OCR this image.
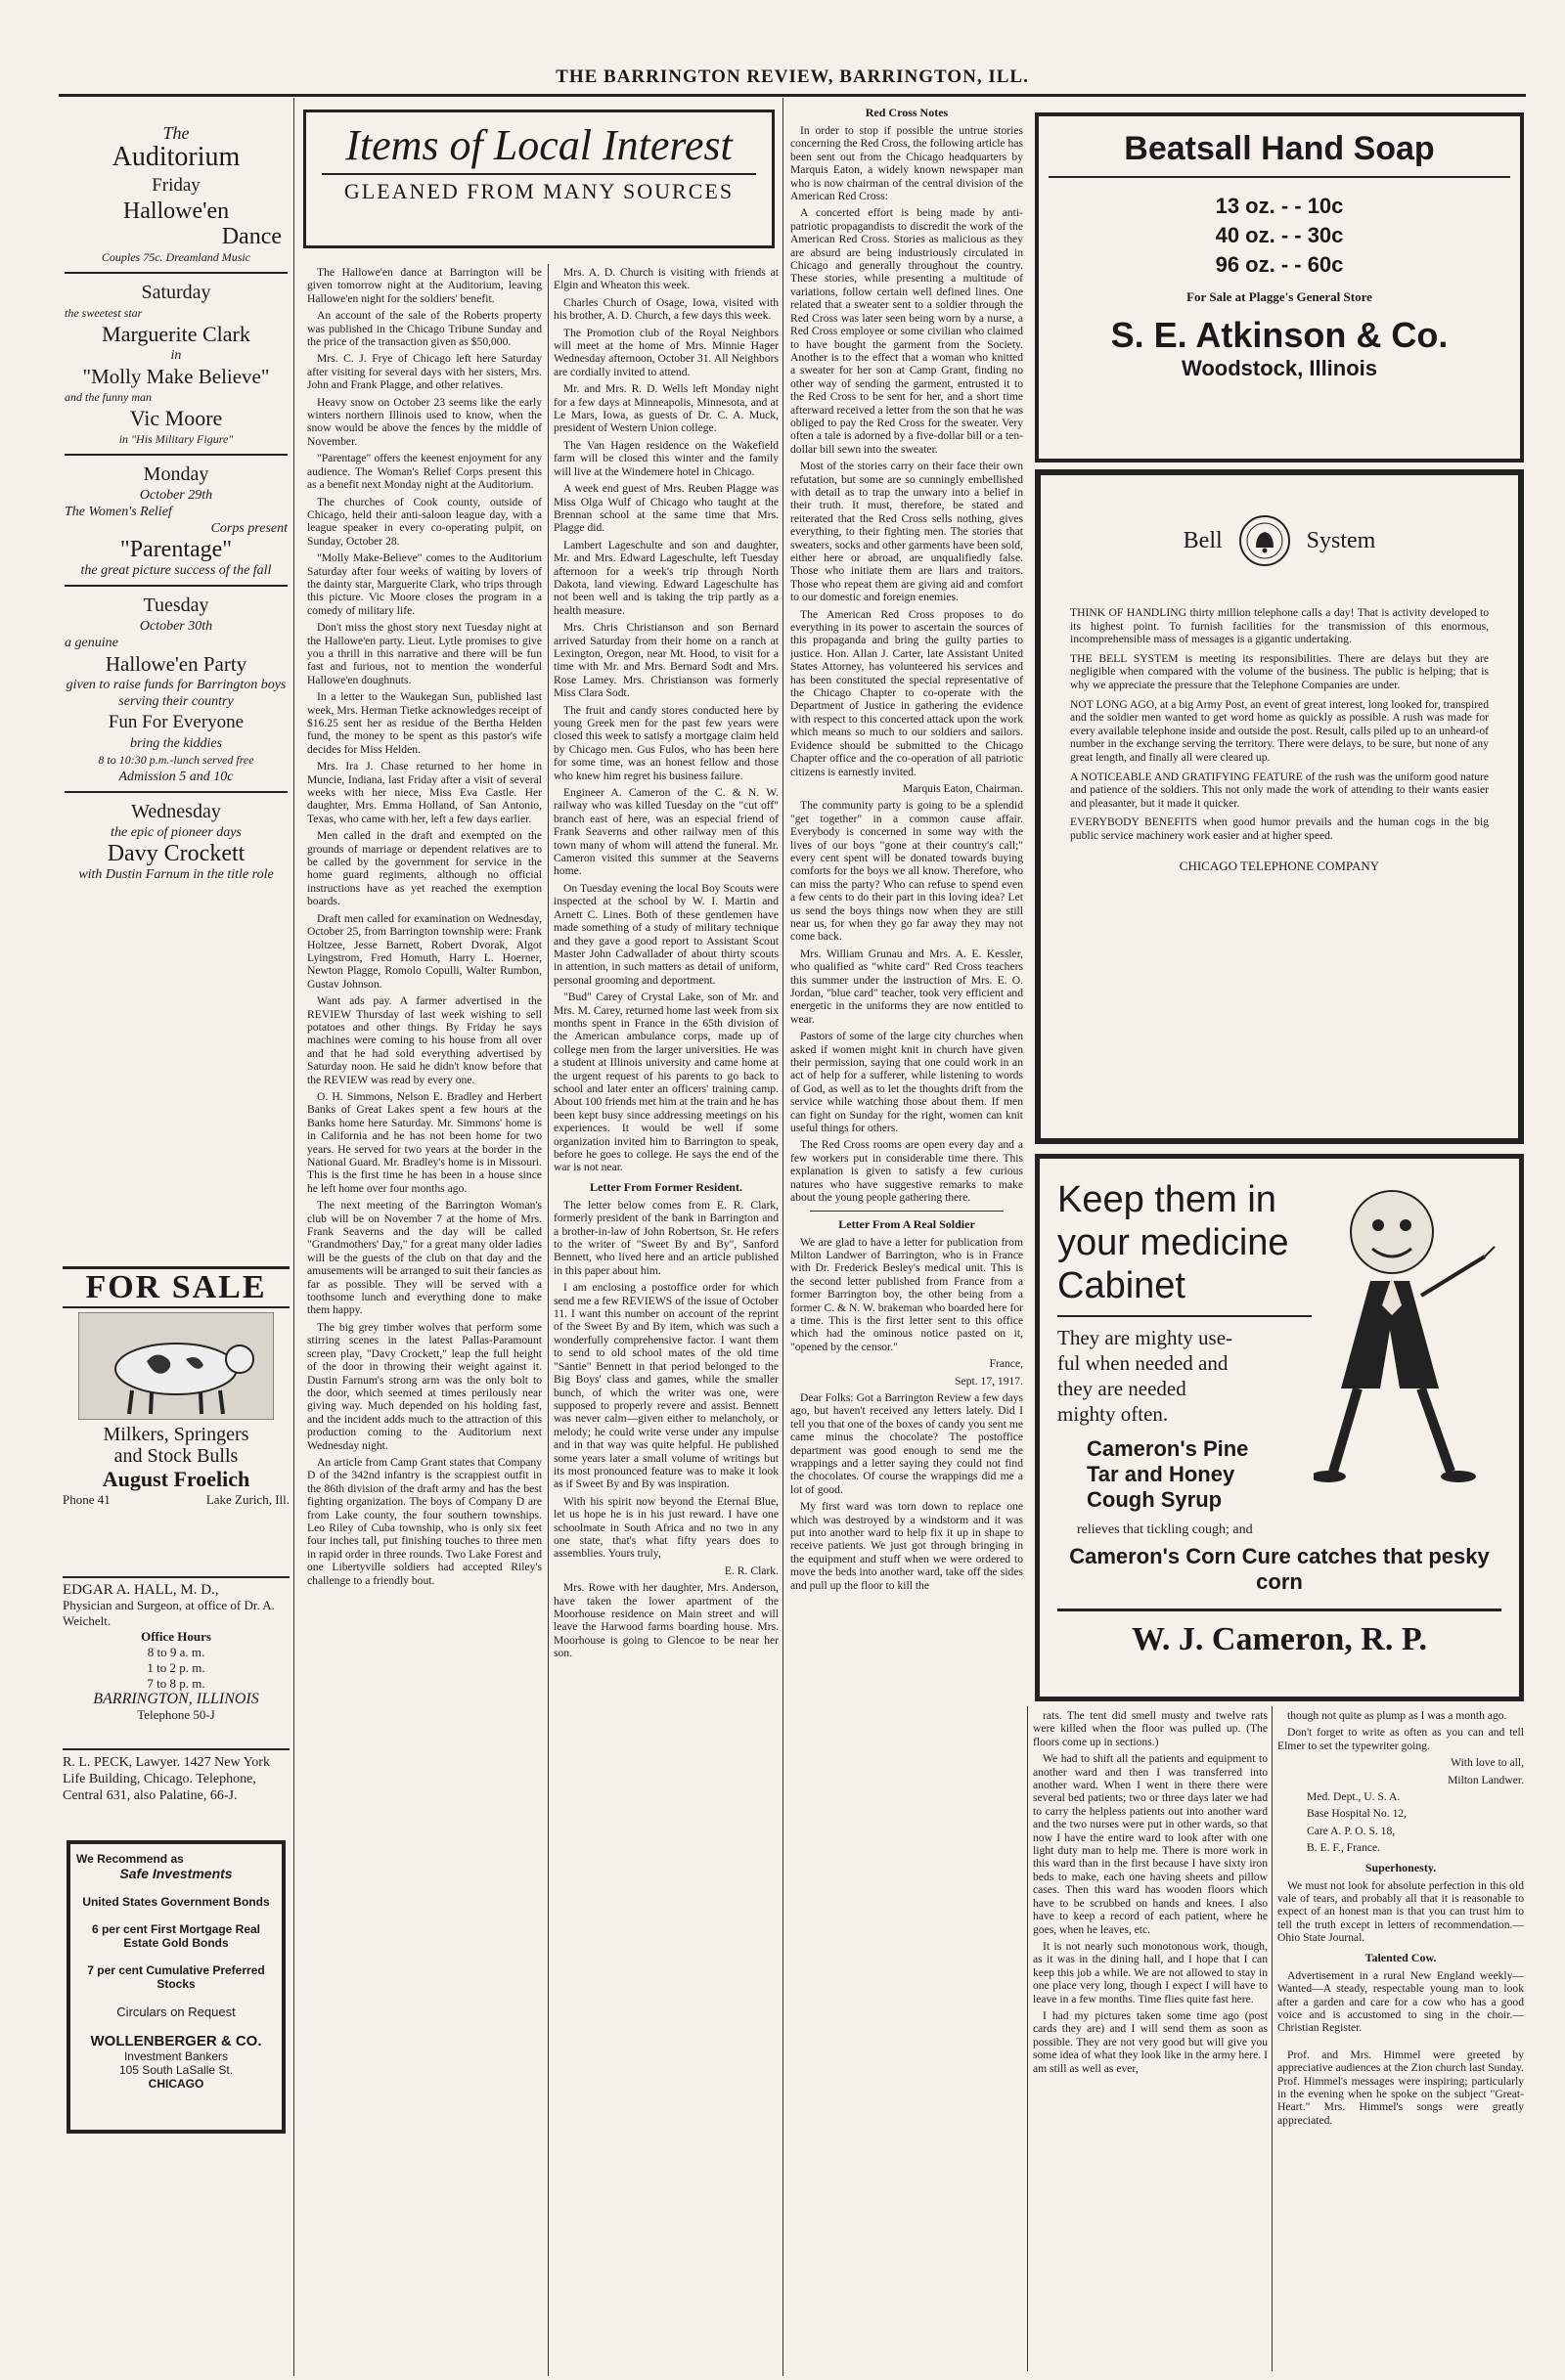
THE BARRINGTON REVIEW, BARRINGTON, ILL.
The
Auditorium
Friday
Hallowe'en
Dance
Couples 75c. Dreamland Music
Saturday
the sweetest star
Marguerite Clark
in
"Molly Make Believe"
and the funny man
Vic Moore
in "His Military Figure"
Monday
October 29th
The Women's Relief
Corps present
"Parentage"
the great picture success of the fall
Tuesday
October 30th
a genuine
Hallowe'en Party
given to raise funds for Barrington boys serving their country
Fun For Everyone
bring the kiddies
8 to 10:30 p.m.-lunch served free
Admission 5 and 10c
Wednesday
the epic of pioneer days
Davy Crockett
with Dustin Farnum in the title role
FOR SALE
Milkers, Springers
and Stock Bulls
August Froelich
Phone 41	Lake Zurich, Ill.
EDGAR A. HALL, M. D.,
Physician and Surgeon, at office of Dr. A. Weichelt.
Office Hours
8 to 9 a. m.
1 to 2 p. m.
7 to 8 p. m.
BARRINGTON, ILLINOIS
Telephone 50-J
R. L. PECK, Lawyer. 1427 New York Life Building, Chicago. Telephone, Central 631, also Palatine, 66-J.
We Recommend as
Safe Investments
United States Government Bonds
6 per cent First Mortgage Real Estate Gold Bonds
7 per cent Cumulative Preferred Stocks
Circulars on Request
WOLLENBERGER & CO.
Investment Bankers
105 South LaSalle St.
CHICAGO
Items of Local Interest
GLEANED FROM MANY SOURCES

The Hallowe'en dance at Barrington will be given tomorrow night at the Auditorium, leaving Hallowe'en night for the soldiers' benefit.

An account of the sale of the Roberts property was published in the Chicago Tribune Sunday and the price of the transaction given as $50,000.

Mrs. C. J. Frye of Chicago left here Saturday after visiting for several days with her sisters, Mrs. John and Frank Plagge, and other relatives.

Heavy snow on October 23 seems like the early winters northern Illinois used to know, when the snow would be above the fences by the middle of November.

"Parentage" offers the keenest enjoyment for any audience. The Woman's Relief Corps present this as a benefit next Monday night at the Auditorium.

The churches of Cook county, outside of Chicago, held their anti-saloon league day, with a league speaker in every co-operating pulpit, on Sunday, October 28.

"Molly Make-Believe" comes to the Auditorium Saturday after four weeks of waiting by lovers of the dainty star, Marguerite Clark, who trips through this picture. Vic Moore closes the program in a comedy of military life.

Don't miss the ghost story next Tuesday night at the Hallowe'en party. Lieut. Lytle promises to give you a thrill in this narrative and there will be fun fast and furious, not to mention the wonderful Hallowe'en doughnuts.

In a letter to the Waukegan Sun, published last week, Mrs. Herman Tietke acknowledges receipt of $16.25 sent her as residue of the Bertha Helden fund, the money to be spent as this pastor's wife decides for Miss Helden.

Mrs. Ira J. Chase returned to her home in Muncie, Indiana, last Friday after a visit of several weeks with her niece, Miss Eva Castle. Her daughter, Mrs. Emma Holland, of San Antonio, Texas, who came with her, left a few days earlier.

Men called in the draft and exempted on the grounds of marriage or dependent relatives are to be called by the government for service in the home guard regiments, although no official instructions have as yet reached the exemption boards.

Draft men called for examination on Wednesday, October 25, from Barrington township were: Frank Holtzee, Jesse Barnett, Robert Dvorak, Algot Lyingstrom, Fred Homuth, Harry L. Hoerner, Newton Plagge, Romolo Copulli, Walter Rumbon, Gustav Johnson.

Want ads pay. A farmer advertised in the REVIEW Thursday of last week wishing to sell potatoes and other things. By Friday he says machines were coming to his house from all over and that he had sold everything advertised by Saturday noon. He said he didn't know before that the REVIEW was read by every one.

O. H. Simmons, Nelson E. Bradley and Herbert Banks of Great Lakes spent a few hours at the Banks home here Saturday. Mr. Simmons' home is in California and he has not been home for two years. He served for two years at the border in the National Guard. Mr. Bradley's home is in Missouri. This is the first time he has been in a house since he left home over four months ago.

The next meeting of the Barrington Woman's club will be on November 7 at the home of Mrs. Frank Seaverns and the day will be called "Grandmothers' Day," for a great many older ladies will be the guests of the club on that day and the amusements will be arranged to suit their fancies as far as possible. They will be served with a toothsome lunch and everything done to make them happy.

The big grey timber wolves that perform some stirring scenes in the latest Pallas-Paramount screen play, "Davy Crockett," leap the full height of the door in throwing their weight against it. Dustin Farnum's strong arm was the only bolt to the door, which seemed at times perilously near giving way. Much depended on his holding fast, and the incident adds much to the attraction of this production coming to the Auditorium next Wednesday night.

An article from Camp Grant states that Company D of the 342nd infantry is the scrappiest outfit in the 86th division of the draft army and has the best fighting organization. The boys of Company D are from Lake county, the four southern townships. Leo Riley of Cuba township, who is only six feet four inches tall, put finishing touches to three men in rapid order in three rounds. Two Lake Forest and one Libertyville soldiers had accepted Riley's challenge to a friendly bout.

Mrs. A. D. Church is visiting with friends at Elgin and Wheaton this week.

Charles Church of Osage, Iowa, visited with his brother, A. D. Church, a few days this week.

The Promotion club of the Royal Neighbors will meet at the home of Mrs. Minnie Hager Wednesday afternoon, October 31. All Neighbors are cordially invited to attend.

Mr. and Mrs. R. D. Wells left Monday night for a few days at Minneapolis, Minnesota, and at Le Mars, Iowa, as guests of Dr. C. A. Muck, president of Western Union college.

The Van Hagen residence on the Wakefield farm will be closed this winter and the family will live at the Windemere hotel in Chicago.

A week end guest of Mrs. Reuben Plagge was Miss Olga Wulf of Chicago who taught at the Brennan school at the same time that Mrs. Plagge did.

Lambert Lageschulte and son and daughter, Mr. and Mrs. Edward Lageschulte, left Tuesday afternoon for a week's trip through North Dakota, land viewing. Edward Lageschulte has not been well and is taking the trip partly as a health measure.

Mrs. Chris Christianson and son Bernard arrived Saturday from their home on a ranch at Lexington, Oregon, near Mt. Hood, to visit for a time with Mr. and Mrs. Bernard Sodt and Mrs. Rose Lamey. Mrs. Christianson was formerly Miss Clara Sodt.

The fruit and candy stores conducted here by young Greek men for the past few years were closed this week to satisfy a mortgage claim held by Chicago men. Gus Fulos, who has been here for some time, was an honest fellow and those who knew him regret his business failure.

Engineer A. Cameron of the C. & N. W. railway who was killed Tuesday on the "cut off" branch east of here, was an especial friend of Frank Seaverns and other railway men of this town many of whom will attend the funeral. Mr. Cameron visited this summer at the Seaverns home.

On Tuesday evening the local Boy Scouts were inspected at the school by W. I. Martin and Arnett C. Lines. Both of these gentlemen have made something of a study of military technique and they gave a good report to Assistant Scout Master John Cadwallader of about thirty scouts in attention, in such matters as detail of uniform, personal grooming and deportment.

"Bud" Carey of Crystal Lake, son of Mr. and Mrs. M. Carey, returned home last week from six months spent in France in the 65th division of the American ambulance corps, made up of college men from the larger universities. He was a student at Illinois university and came home at the urgent request of his parents to go back to school and later enter an officers' training camp. About 100 friends met him at the train and he has been kept busy since addressing meetings on his experiences. It would be well if some organization invited him to Barrington to speak, before he goes to college. He says the end of the war is not near.

Letter From Former Resident.

The letter below comes from E. R. Clark, formerly president of the bank in Barrington and a brother-in-law of John Robertson, Sr. He refers to the writer of "Sweet By and By", Sanford Bennett, who lived here and an article published in this paper about him.

I am enclosing a postoffice order for which send me a few REVIEWS of the issue of October 11. I want this number on account of the reprint of the Sweet By and By item, which was such a wonderfully comprehensive factor. I want them to send to old school mates of the old time "Santie" Bennett in that period belonged to the Big Boys' class and games, while the smaller bunch, of which the writer was one, were supposed to properly revere and assist. Bennett was never calm—given either to melancholy, or melody; he could write verse under any impulse and in that way was quite helpful. He published some years later a small volume of writings but its most pronounced feature was to make it look as if Sweet By and By was inspiration.

With his spirit now beyond the Eternal Blue, let us hope he is in his just reward. I have one schoolmate in South Africa and no two in any one state, that's what fifty years does to assemblies. Yours truly,

E. R. Clark.

Mrs. Rowe with her daughter, Mrs. Anderson, have taken the lower apartment of the Moorhouse residence on Main street and will leave the Harwood farms boarding house. Mrs. Moorhouse is going to Glencoe to be near her son.

Red Cross Notes

In order to stop if possible the untrue stories concerning the Red Cross, the following article has been sent out from the Chicago headquarters by Marquis Eaton, a widely known newspaper man who is now chairman of the central division of the American Red Cross:

A concerted effort is being made by anti-patriotic propagandists to discredit the work of the American Red Cross. Stories as malicious as they are absurd are being industriously circulated in Chicago and generally throughout the country. These stories, while presenting a multitude of variations, follow certain well defined lines. One related that a sweater sent to a soldier through the Red Cross was later seen being worn by a nurse, a Red Cross employee or some civilian who claimed to have bought the garment from the Society. Another is to the effect that a woman who knitted a sweater for her son at Camp Grant, finding no other way of sending the garment, entrusted it to the Red Cross to be sent for her, and a short time afterward received a letter from the son that he was obliged to pay the Red Cross for the sweater. Very often a tale is adorned by a five-dollar bill or a ten-dollar bill sewn into the sweater.

Most of the stories carry on their face their own refutation, but some are so cunningly embellished with detail as to trap the unwary into a belief in their truth. It must, therefore, be stated and reiterated that the Red Cross sells nothing, gives everything, to their fighting men. The stories that sweaters, socks and other garments have been sold, either here or abroad, are unqualifiedly false. Those who initiate them are liars and traitors. Those who repeat them are giving aid and comfort to our domestic and foreign enemies.

The American Red Cross proposes to do everything in its power to ascertain the sources of this propaganda and bring the guilty parties to justice. Hon. Allan J. Carter, late Assistant United States Attorney, has volunteered his services and has been constituted the special representative of the Chicago Chapter to co-operate with the Department of Justice in gathering the evidence with respect to this concerted attack upon the work which means so much to our soldiers and sailors. Evidence should be submitted to the Chicago Chapter office and the co-operation of all patriotic citizens is earnestly invited.

Marquis Eaton, Chairman.

The community party is going to be a splendid "get together" in a common cause affair. Everybody is concerned in some way with the lives of our boys "gone at their country's call;" every cent spent will be donated towards buying comforts for the boys we all know. Therefore, who can miss the party? Who can refuse to spend even a few cents to do their part in this loving idea? Let us send the boys things now when they are still near us, for when they go far away they may not come back.

Mrs. William Grunau and Mrs. A. E. Kessler, who qualified as "white card" Red Cross teachers this summer under the instruction of Mrs. E. O. Jordan, "blue card" teacher, took very efficient and energetic in the uniforms they are now entitled to wear.

Pastors of some of the large city churches when asked if women might knit in church have given their permission, saying that one could work in an act of help for a sufferer, while listening to words of God, as well as to let the thoughts drift from the service while watching those about them. If men can fight on Sunday for the right, women can knit useful things for others.

The Red Cross rooms are open every day and a few workers put in considerable time there. This explanation is given to satisfy a few curious natures who have suggestive remarks to make about the young people gathering there.

Letter From A Real Soldier

We are glad to have a letter for publication from Milton Landwer of Barrington, who is in France with Dr. Frederick Besley's medical unit. This is the second letter published from France from a former Barrington boy, the other being from a former C. & N. W. brakeman who boarded here for a time. This is the first letter sent to this office which had the ominous notice pasted on it, "opened by the censor."

France,

Sept. 17, 1917.

Dear Folks: Got a Barrington Review a few days ago, but haven't received any letters lately. Did I tell you that one of the boxes of candy you sent me came minus the chocolate? The postoffice department was good enough to send me the wrappings and a letter saying they could not find the chocolates. Of course the wrappings did me a lot of good.

My first ward was torn down to replace one which was destroyed by a windstorm and it was put into another ward to help fix it up in shape to receive patients. We just got through bringing in the equipment and stuff when we were ordered to move the beds into another ward, take off the sides and pull up the floor to kill the

Beatsall Hand Soap
13 oz. - - 10c
40 oz. - - 30c
96 oz. - - 60c
For Sale at Plagge's General Store
S. E. Atkinson & Co.
Woodstock, Illinois
Bell	System

THINK OF HANDLING thirty million telephone calls a day! That is activity developed to its highest point. To furnish facilities for the transmission of this enormous, incomprehensible mass of messages is a gigantic undertaking.

THE BELL SYSTEM is meeting its responsibilities. There are delays but they are negligible when compared with the volume of the business. The public is helping; that is why we appreciate the pressure that the Telephone Companies are under.

NOT LONG AGO, at a big Army Post, an event of great interest, long looked for, transpired and the soldier men wanted to get word home as quickly as possible. A rush was made for every available telephone inside and outside the post. Result, calls piled up to an unheard-of number in the exchange serving the territory. There were delays, to be sure, but none of any great length, and finally all were cleared up.

A NOTICEABLE AND GRATIFYING FEATURE of the rush was the uniform good nature and patience of the soldiers. This not only made the work of attending to their wants easier and pleasanter, but it made it quicker.

EVERYBODY BENEFITS when good humor prevails and the human cogs in the big public service machinery work easier and at higher speed.

CHICAGO TELEPHONE COMPANY
Keep them in
your medicine
Cabinet
They are mighty use-
ful when needed and
they are needed
mighty often.
Cameron's Pine
Tar and Honey
Cough Syrup
relieves that tickling cough; and
Cameron's Corn Cure catches that pesky corn
W. J. Cameron, R. P.

rats. The tent did smell musty and twelve rats were killed when the floor was pulled up. (The floors come up in sections.)

We had to shift all the patients and equipment to another ward and then I was transferred into another ward. When I went in there there were several bed patients; two or three days later we had to carry the helpless patients out into another ward and the two nurses were put in other wards, so that now I have the entire ward to look after with one light duty man to help me. There is more work in this ward than in the first because I have sixty iron beds to make, each one having sheets and pillow cases. Then this ward has wooden floors which have to be scrubbed on hands and knees. I also have to keep a record of each patient, where he goes, when he leaves, etc.

It is not nearly such monotonous work, though, as it was in the dining hall, and I hope that I can keep this job a while. We are not allowed to stay in one place very long, though I expect I will have to leave in a few months. Time flies quite fast here.

I had my pictures taken some time ago (post cards they are) and I will send them as soon as possible. They are not very good but will give you some idea of what they look like in the army here. I am still as well as ever,

though not quite as plump as I was a month ago.

Don't forget to write as often as you can and tell Elmer to set the typewriter going.

With love to all,

Milton Landwer.

Med. Dept., U. S. A.

Base Hospital No. 12,

Care A. P. O. S. 18,

B. E. F., France.

Superhonesty.

We must not look for absolute perfection in this old vale of tears, and probably all that it is reasonable to expect of an honest man is that you can trust him to tell the truth except in letters of recommendation.—Ohio State Journal.

Talented Cow.

Advertisement in a rural New England weekly—Wanted—A steady, respectable young man to look after a garden and care for a cow who has a good voice and is accustomed to sing in the choir.—Christian Register.

Prof. and Mrs. Himmel were greeted by appreciative audiences at the Zion church last Sunday. Prof. Himmel's messages were inspiring; particularly in the evening when he spoke on the subject "Great-Heart." Mrs. Himmel's songs were greatly appreciated.
